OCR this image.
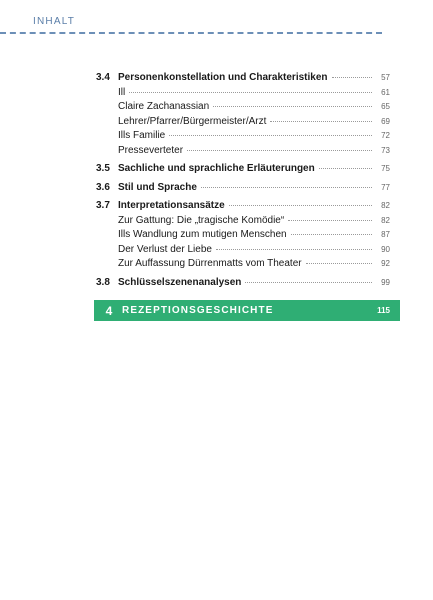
INHALT
3.4 Personenkonstellation und Charakteristiken	57
Ill	61
Claire Zachanassian	65
Lehrer/Pfarrer/Bürgermeister/Arzt	69
Ills Familie	72
Presseverteter	73
3.5 Sachliche und sprachliche Erläuterungen	75
3.6 Stil und Sprache	77
3.7 Interpretationsansätze	82
Zur Gattung: Die „tragische Komödie“	82
Ills Wandlung zum mutigen Menschen	87
Der Verlust der Liebe	90
Zur Auffassung Dürrenmatts vom Theater	92
3.8 Schlüsselszenenanalysen	99
4 REZEPTIONSGESCHICHTE	115
